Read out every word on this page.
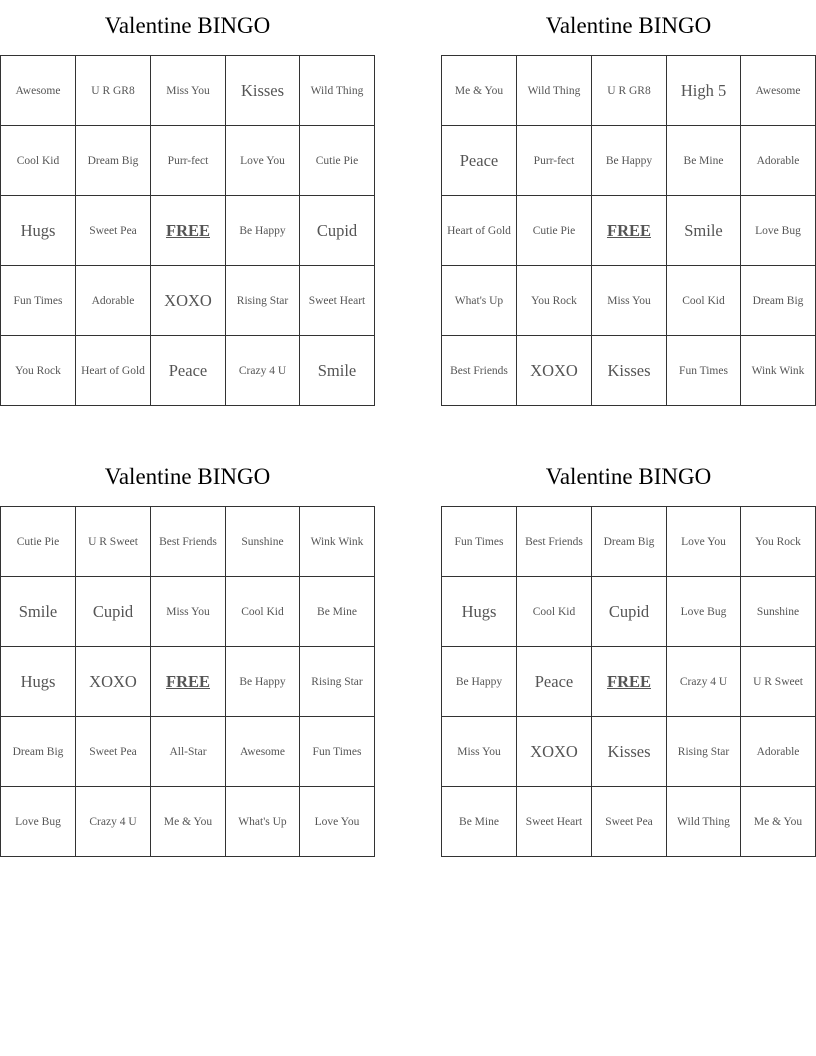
Valentine BINGO
Awesome	U R GR8	Miss You	Kisses	Wild Thing
Cool Kid	Dream Big	Purr-fect	Love You	Cutie Pie
Hugs	Sweet Pea	FREE	Be Happy	Cupid
Fun Times	Adorable	XOXO	Rising Star	Sweet Heart
You Rock	Heart of Gold	Peace	Crazy 4 U	Smile
Valentine BINGO
Me & You	Wild Thing	U R GR8	High 5	Awesome
Peace	Purr-fect	Be Happy	Be Mine	Adorable
Heart of Gold	Cutie Pie	FREE	Smile	Love Bug
What's Up	You Rock	Miss You	Cool Kid	Dream Big
Best Friends	XOXO	Kisses	Fun Times	Wink Wink
Valentine BINGO
Cutie Pie	U R Sweet	Best Friends	Sunshine	Wink Wink
Smile	Cupid	Miss You	Cool Kid	Be Mine
Hugs	XOXO	FREE	Be Happy	Rising Star
Dream Big	Sweet Pea	All-Star	Awesome	Fun Times
Love Bug	Crazy 4 U	Me & You	What's Up	Love You
Valentine BINGO
Fun Times	Best Friends	Dream Big	Love You	You Rock
Hugs	Cool Kid	Cupid	Love Bug	Sunshine
Be Happy	Peace	FREE	Crazy 4 U	U R Sweet
Miss You	XOXO	Kisses	Rising Star	Adorable
Be Mine	Sweet Heart	Sweet Pea	Wild Thing	Me & You
